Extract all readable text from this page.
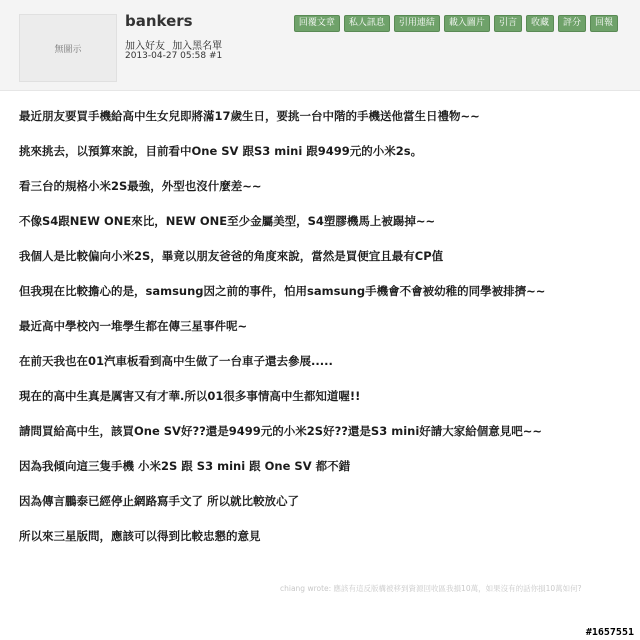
無圖示
bankers
加入好友 加入黑名單
2013-04-27 05:58 #1
回覆文章	私人訊息	引用連結	載入圖片	引言	收藏	評分	回報
最近朋友要買手機給高中生女兒即將滿17歲生日，要挑一台中階的手機送他當生日禮物~~
挑來挑去，以預算來說，目前看中One SV 跟S3 mini 跟9499元的小米2s。
看三台的規格小米2S最強，外型也沒什麼差~~
不像S4跟NEW ONE來比，NEW ONE至少金屬美型，S4塑膠機馬上被踢掉~~
我個人是比較偏向小米2S，畢竟以朋友爸爸的角度來說，當然是買便宜且最有CP值
但我現在比較擔心的是，samsung因之前的事件，怕用samsung手機會不會被幼稚的同學被排擠~~
最近高中學校內一堆學生都在傳三星事件呢~
在前天我也在01汽車板看到高中生做了一台車子還去參展.....
現在的高中生真是厲害又有才華.所以01很多事情高中生都知道喔!!
請問買給高中生，該買One SV好??還是9499元的小米2S好??還是S3 mini好請大家給個意見吧~~
因為我傾向這三隻手機 小米2S 跟 S3 mini 跟 One SV 都不錯
因為傳言鵬泰已經停止網路寫手文了 所以就比較放心了
所以來三星版問，應該可以得到比較忠懇的意見
chiang wrote: 應該有這反版構被移到資源回收區我損10萬，如果沒有的話你損10萬如何?
#1657551
